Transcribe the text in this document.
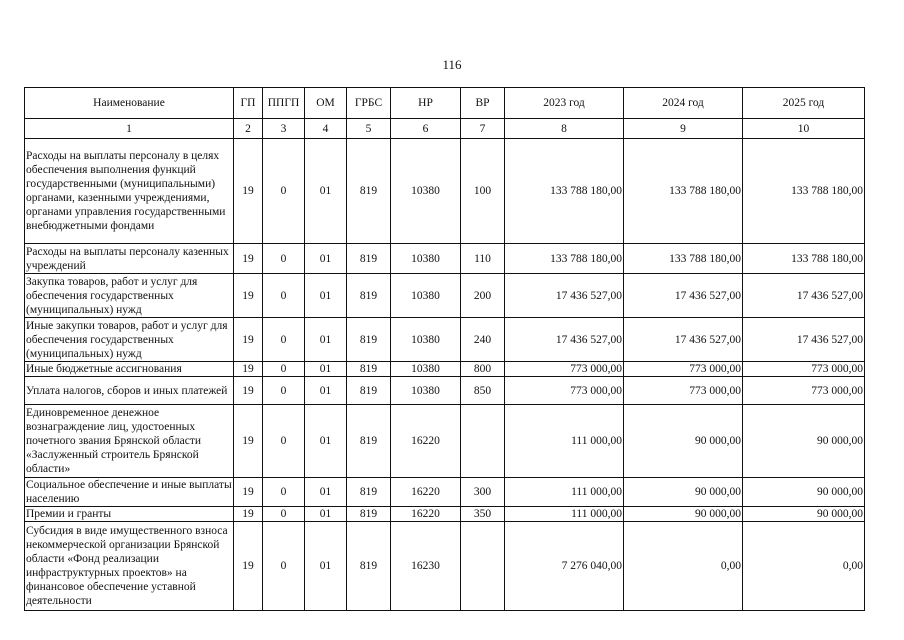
116
Наименование	ГП	ППГП	ОМ	ГРБС	НР	ВР	2023 год	2024 год	2025 год
1	2	3	4	5	6	7	8	9	10
Расходы на выплаты персоналу в целях обеспечения выполнения функций государственными (муниципальными) органами, казенными учреждениями, органами управления государственными внебюджетными фондами	19	0	01	819	10380	100	133 788 180,00	133 788 180,00	133 788 180,00
Расходы на выплаты персоналу казенных учреждений	19	0	01	819	10380	110	133 788 180,00	133 788 180,00	133 788 180,00
Закупка товаров, работ и услуг для обеспечения государственных (муниципальных) нужд	19	0	01	819	10380	200	17 436 527,00	17 436 527,00	17 436 527,00
Иные закупки товаров, работ и услуг для обеспечения государственных (муниципальных) нужд	19	0	01	819	10380	240	17 436 527,00	17 436 527,00	17 436 527,00
Иные бюджетные ассигнования	19	0	01	819	10380	800	773 000,00	773 000,00	773 000,00
Уплата налогов, сборов и иных платежей	19	0	01	819	10380	850	773 000,00	773 000,00	773 000,00
Единовременное денежное вознаграждение лиц, удостоенных почетного звания Брянской области «Заслуженный строитель Брянской области»	19	0	01	819	16220		111 000,00	90 000,00	90 000,00
Социальное обеспечение и иные выплаты населению	19	0	01	819	16220	300	111 000,00	90 000,00	90 000,00
Премии и гранты	19	0	01	819	16220	350	111 000,00	90 000,00	90 000,00
Субсидия в виде имущественного взноса некоммерческой организации Брянской области «Фонд реализации инфраструктурных проектов» на финансовое обеспечение уставной деятельности	19	0	01	819	16230		7 276 040,00	0,00	0,00
